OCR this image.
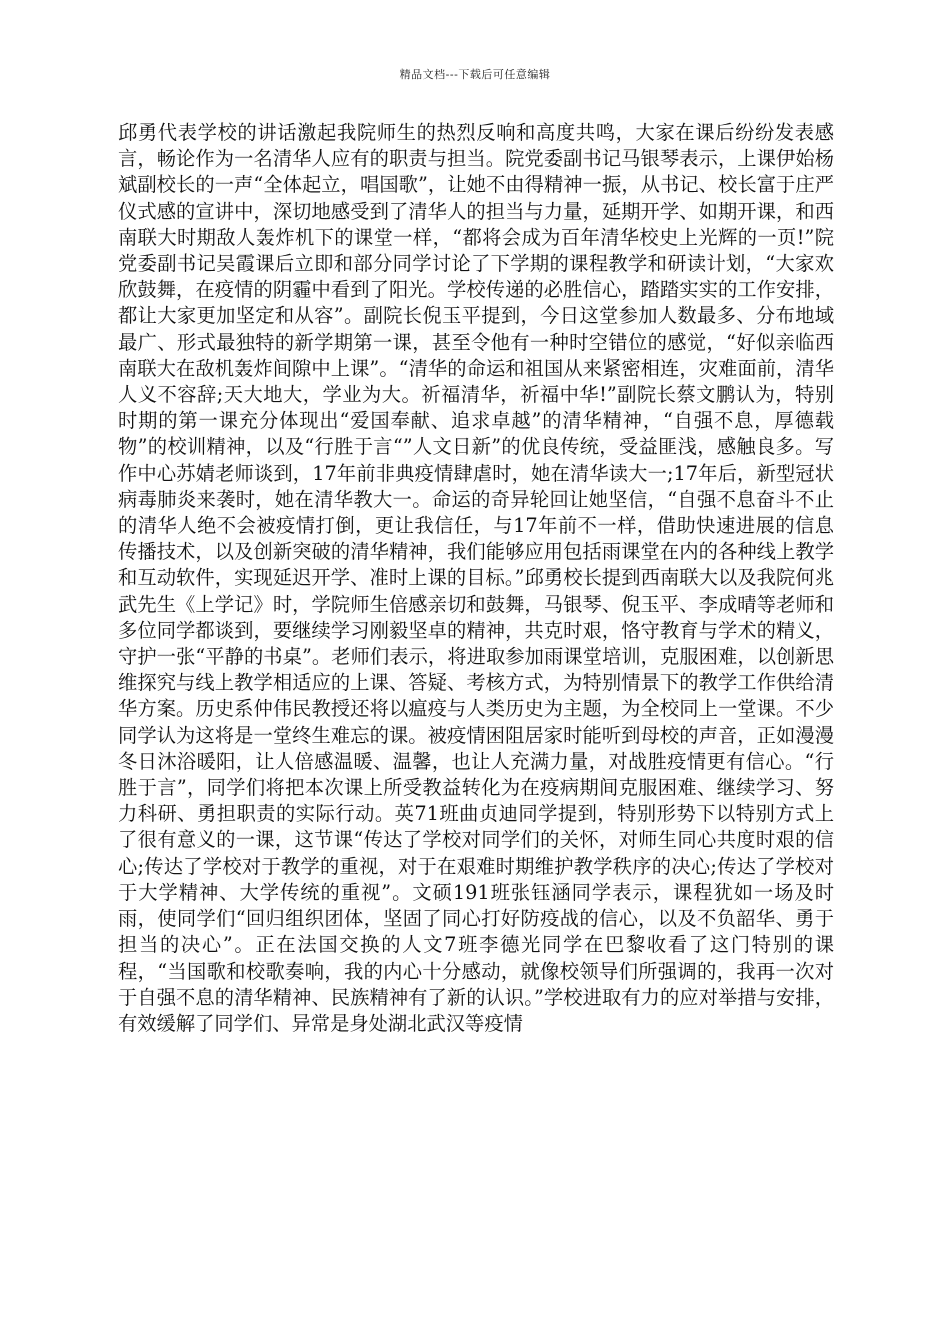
精品文档---下载后可任意编辑

邱勇代表学校的讲话激起我院师生的热烈反响和高度共鸣，大家在课后纷纷发表感言，畅论作为一名清华人应有的职责与担当。院党委副书记马银琴表示，上课伊始杨斌副校长的一声“全体起立，唱国歌”，让她不由得精神一振，从书记、校长富于庄严仪式感的宣讲中，深切地感受到了清华人的担当与力量，延期开学、如期开课，和西南联大时期敌人轰炸机下的课堂一样，“都将会成为百年清华校史上光辉的一页!”院党委副书记吴霞课后立即和部分同学讨论了下学期的课程教学和研读计划，“大家欢欣鼓舞，在疫情的阴霾中看到了阳光。学校传递的必胜信心，踏踏实实的工作安排，都让大家更加坚定和从容”。副院长倪玉平提到，今日这堂参加人数最多、分布地域最广、形式最独特的新学期第一课，甚至令他有一种时空错位的感觉，“好似亲临西南联大在敌机轰炸间隙中上课”。“清华的命运和祖国从来紧密相连，灾难面前，清华人义不容辞;天大地大，学业为大。祈福清华，祈福中华!”副院长蔡文鹏认为，特别时期的第一课充分体现出“爱国奉献、追求卓越”的清华精神，“自强不息，厚德载物”的校训精神，以及“行胜于言“”人文日新”的优良传统，受益匪浅，感触良多。写作中心苏婧老师谈到，17年前非典疫情肆虐时，她在清华读大一;17年后，新型冠状病毒肺炎来袭时，她在清华教大一。命运的奇异轮回让她坚信，“自强不息奋斗不止的清华人绝不会被疫情打倒，更让我信任，与17年前不一样，借助快速进展的信息传播技术，以及创新突破的清华精神，我们能够应用包括雨课堂在内的各种线上教学和互动软件，实现延迟开学、准时上课的目标。”邱勇校长提到西南联大以及我院何兆武先生《上学记》时，学院师生倍感亲切和鼓舞，马银琴、倪玉平、李成晴等老师和多位同学都谈到，要继续学习刚毅坚卓的精神，共克时艰，恪守教育与学术的精义，守护一张“平静的书桌”。老师们表示，将进取参加雨课堂培训，克服困难，以创新思维探究与线上教学相适应的上课、答疑、考核方式，为特别情景下的教学工作供给清华方案。历史系仲伟民教授还将以瘟疫与人类历史为主题，为全校同上一堂课。不少同学认为这将是一堂终生难忘的课。被疫情困阻居家时能听到母校的声音，正如漫漫冬日沐浴暖阳，让人倍感温暖、温馨，也让人充满力量，对战胜疫情更有信心。“行胜于言”，同学们将把本次课上所受教益转化为在疫病期间克服困难、继续学习、努力科研、勇担职责的实际行动。英71班曲贞迪同学提到，特别形势下以特别方式上了很有意义的一课，这节课“传达了学校对同学们的关怀，对师生同心共度时艰的信心;传达了学校对于教学的重视，对于在艰难时期维护教学秩序的决心;传达了学校对于大学精神、大学传统的重视”。文硕191班张钰涵同学表示，课程犹如一场及时雨，使同学们“回归组织团体，坚固了同心打好防疫战的信心，以及不负韶华、勇于担当的决心”。正在法国交换的人文7班李德光同学在巴黎收看了这门特别的课程，“当国歌和校歌奏响，我的内心十分感动，就像校领导们所强调的，我再一次对于自强不息的清华精神、民族精神有了新的认识。”学校进取有力的应对举措与安排，有效缓解了同学们、异常是身处湖北武汉等疫情
